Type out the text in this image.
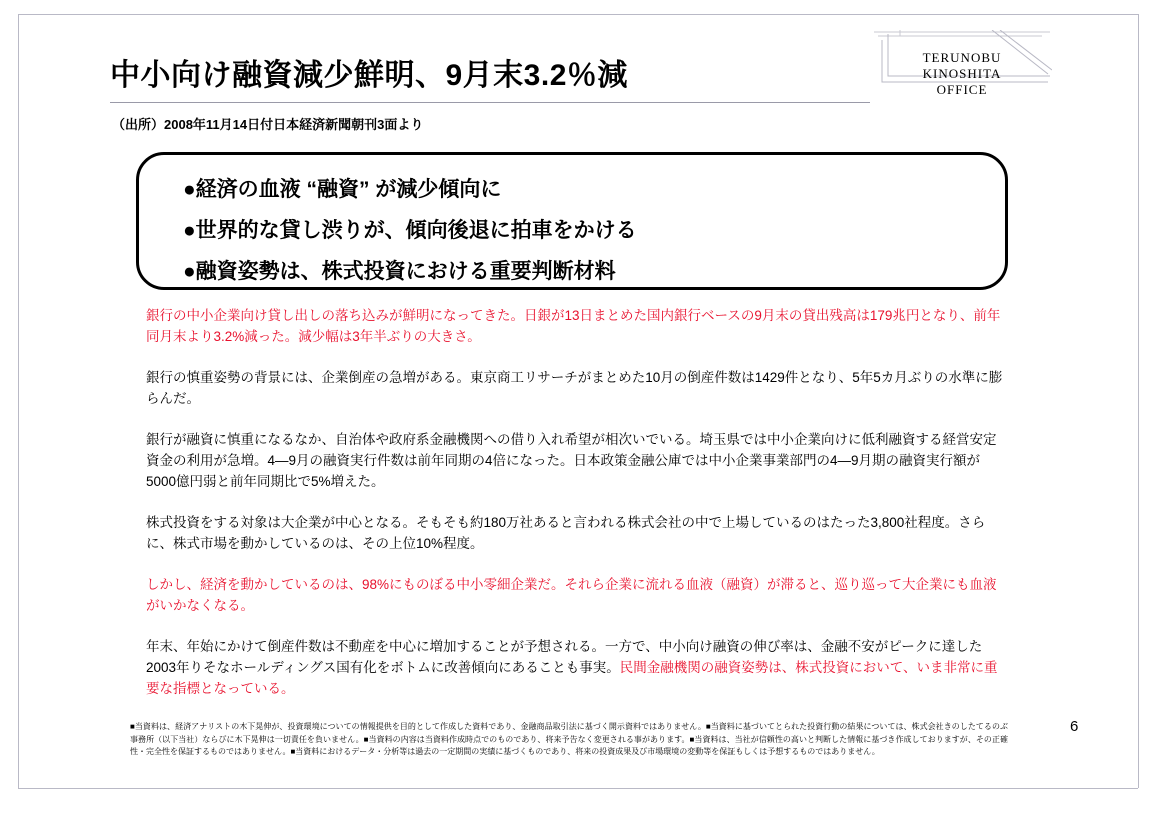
中小向け融資減少鮮明、9月末3.2％減
（出所）2008年11月14日付日本経済新聞朝刊3面より
TERUNOBU
KINOSHITA
OFFICE
●経済の血液 “融資” が減少傾向に
●世界的な貸し渋りが、傾向後退に拍車をかける
●融資姿勢は、株式投資における重要判断材料

銀行の中小企業向け貸し出しの落ち込みが鮮明になってきた。日銀が13日まとめた国内銀行ベースの9月末の貸出残高は179兆円となり、前年同月末より3.2%減った。減少幅は3年半ぶりの大きさ。

銀行の慎重姿勢の背景には、企業倒産の急増がある。東京商工リサーチがまとめた10月の倒産件数は1429件となり、5年5カ月ぶりの水準に膨らんだ。

銀行が融資に慎重になるなか、自治体や政府系金融機関への借り入れ希望が相次いでいる。埼玉県では中小企業向けに低利融資する経営安定資金の利用が急増。4―9月の融資実行件数は前年同期の4倍になった。日本政策金融公庫では中小企業事業部門の4―9月期の融資実行額が5000億円弱と前年同期比で5%増えた。

株式投資をする対象は大企業が中心となる。そもそも約180万社あると言われる株式会社の中で上場しているのはたった3,800社程度。さらに、株式市場を動かしているのは、その上位10%程度。

しかし、経済を動かしているのは、98%にものぼる中小零細企業だ。それら企業に流れる血液（融資）が滞ると、巡り巡って大企業にも血液がいかなくなる。

年末、年始にかけて倒産件数は不動産を中心に増加することが予想される。一方で、中小向け融資の伸び率は、金融不安がピークに達した2003年りそなホールディングス国有化をボトムに改善傾向にあることも事実。民間金融機関の融資姿勢は、株式投資において、いま非常に重要な指標となっている。

■当資料は、経済アナリストの木下晃伸が、投資環境についての情報提供を目的として作成した資料であり、金融商品取引法に基づく開示資料ではありません。■当資料に基づいてとられた投資行動の結果については、株式会社きのしたてるのぶ事務所（以下当社）ならびに木下晃伸は一切責任を負いません。■当資料の内容は当資料作成時点でのものであり、将来予告なく変更される事があります。■当資料は、当社が信頼性の高いと判断した情報に基づき作成しておりますが、その正確性・完全性を保証するものではありません。■当資料におけるデータ・分析等は過去の一定期間の実績に基づくものであり、将来の投資成果及び市場環境の変動等を保証もしくは予想するものではありません。
6
